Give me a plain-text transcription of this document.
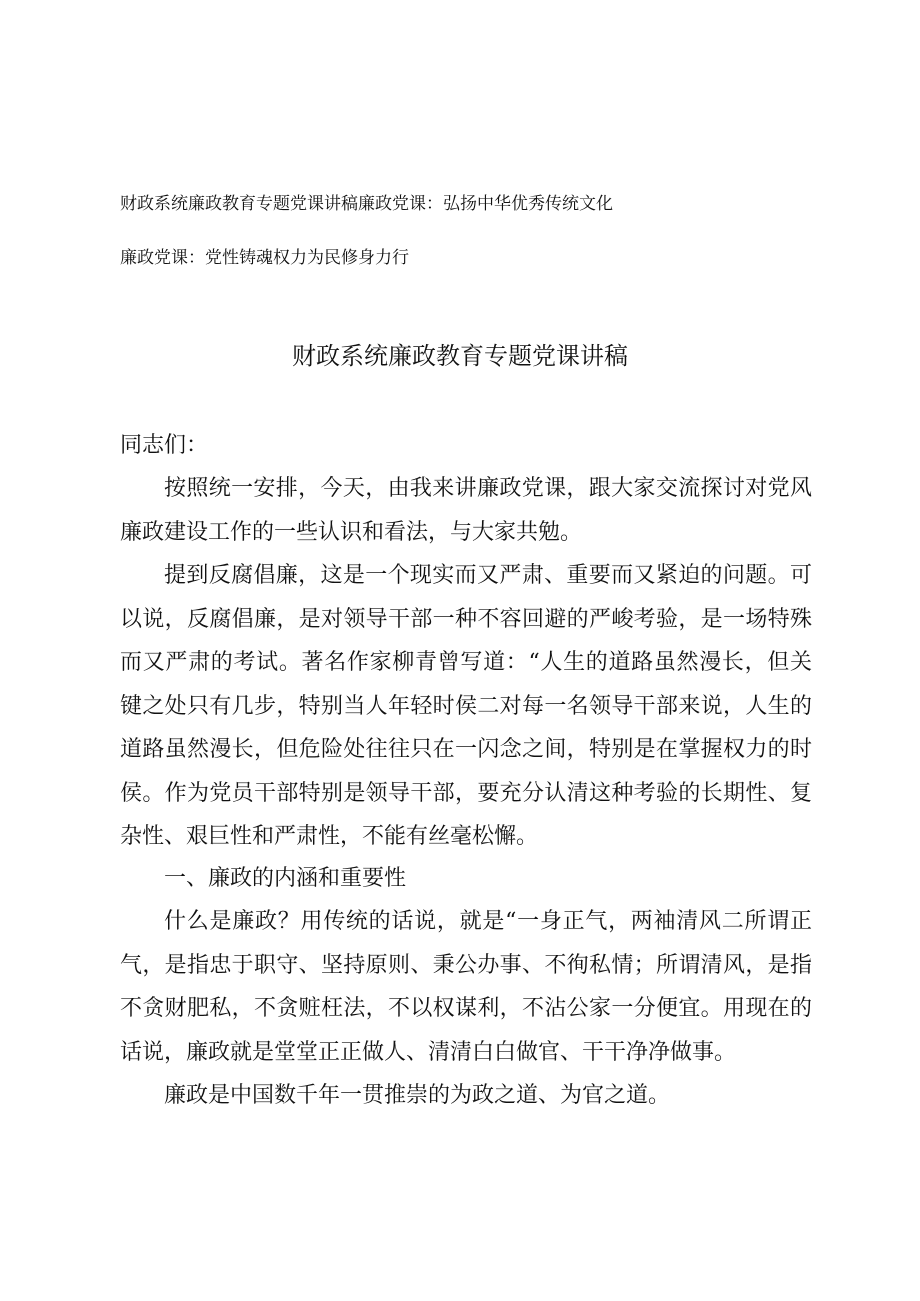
财政系统廉政教育专题党课讲稿廉政党课：弘扬中华优秀传统文化
廉政党课：党性铸魂权力为民修身力行
财政系统廉政教育专题党课讲稿
同志们：

按照统一安排，今天，由我来讲廉政党课，跟大家交流探讨对党风廉政建设工作的一些认识和看法，与大家共勉。

提到反腐倡廉，这是一个现实而又严肃、重要而又紧迫的问题。可以说，反腐倡廉，是对领导干部一种不容回避的严峻考验，是一场特殊而又严肃的考试。著名作家柳青曾写道：“人生的道路虽然漫长，但关键之处只有几步，特别当人年轻时侯二对每一名领导干部来说，人生的道路虽然漫长，但危险处往往只在一闪念之间，特别是在掌握权力的时侯。作为党员干部特别是领导干部，要充分认清这种考验的长期性、复杂性、艰巨性和严肃性，不能有丝毫松懈。

一、廉政的内涵和重要性

什么是廉政？用传统的话说，就是“一身正气，两袖清风二所谓正气，是指忠于职守、坚持原则、秉公办事、不徇私情；所谓清风，是指不贪财肥私，不贪赃枉法，不以权谋利，不沾公家一分便宜。用现在的话说，廉政就是堂堂正正做人、清清白白做官、干干净净做事。

廉政是中国数千年一贯推崇的为政之道、为官之道。
